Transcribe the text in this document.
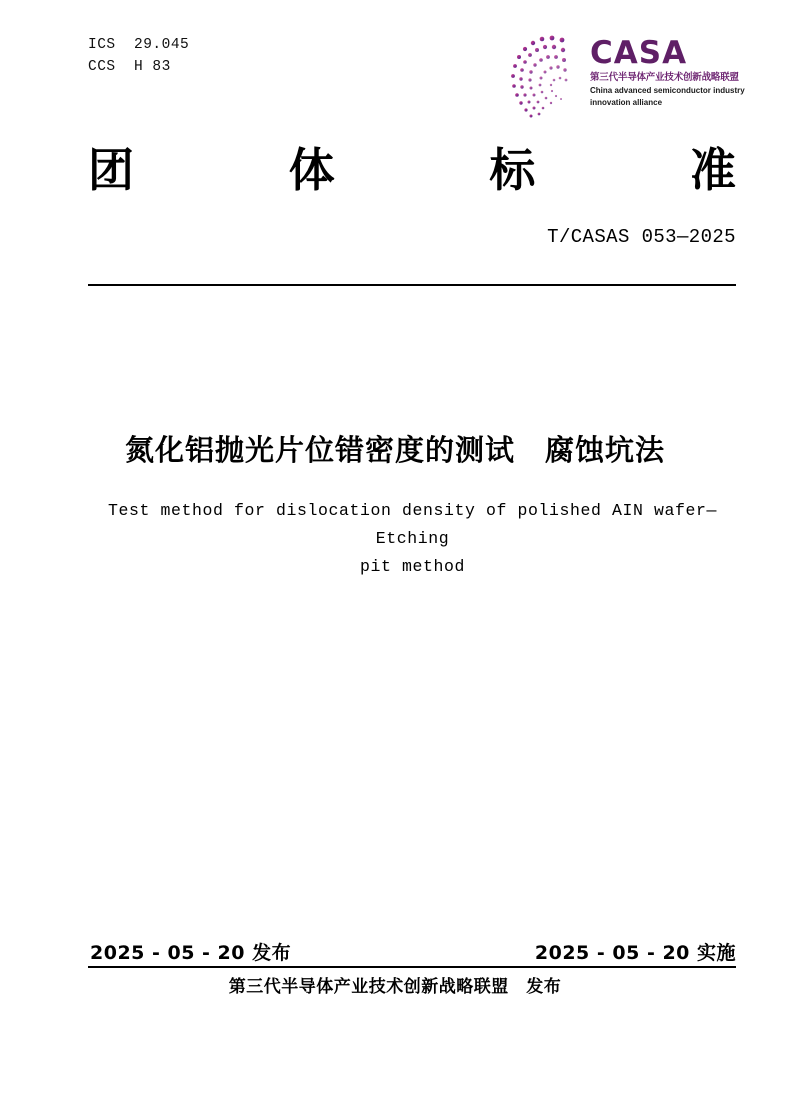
ICS  29.045
CCS  H 83	CASA
第三代半导体产业技术创新战略联盟
China advanced semiconductor industry
innovation alliance
团	体	标	准
T/CASAS 053—2025
氮化铝抛光片位错密度的测试　腐蚀坑法
Test method for dislocation density of polished AIN wafer—Etching
pit method
2025 - 05 - 20 发布	2025 - 05 - 20 实施
第三代半导体产业技术创新战略联盟　发布
